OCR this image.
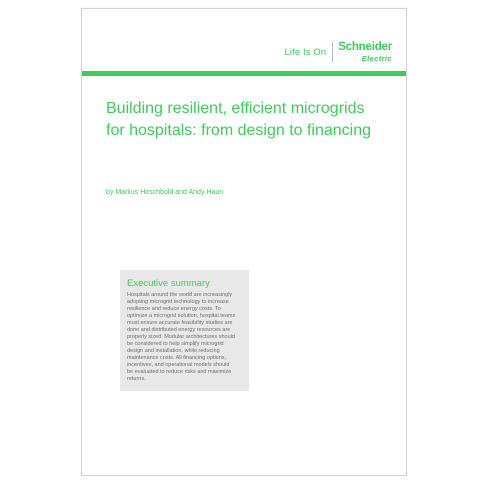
Life Is On Schneider
Electric
Building resilient, efficient microgrids
for hospitals: from design to financing
by Markus Hirschbold and Andy Haun
Executive summary
Hospitals around the world are increasingly
adopting microgrid technology to increase
resilience and reduce energy costs. To
optimize a microgrid solution, hospital teams
must ensure accurate feasibility studies are
done and distributed energy resources are
properly sized. Modular architectures should
be considered to help simplify microgrid
design and installation, while reducing
maintenance costs. All financing options,
incentives, and operational models should
be evaluated to reduce risks and maximize
returns.
